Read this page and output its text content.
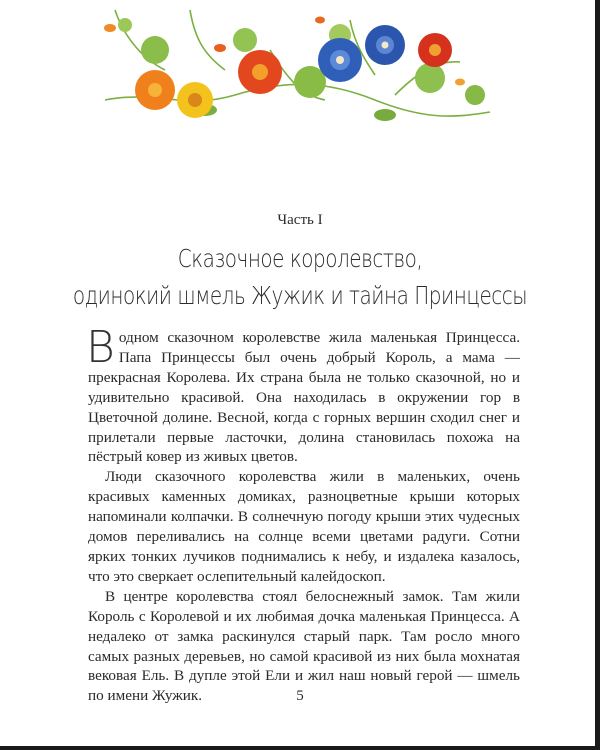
Часть I
Сказочное королевство,
одинокий шмель Жужик и тайна Принцессы

В одном сказочном королевстве жила маленькая Принцесса. Папа Принцессы был очень добрый Король, а мама — прекрасная Королева. Их страна была не только сказочной, но и удивительно красивой. Она находилась в окружении гор в Цветочной долине. Весной, когда с горных вершин сходил снег и прилетали первые ласточки, долина становилась похожа на пёстрый ковер из живых цветов.

Люди сказочного королевства жили в маленьких, очень красивых каменных домиках, разноцветные крыши которых напоминали колпачки. В солнечную погоду крыши этих чудесных домов переливались на солнце всеми цветами радуги. Сотни ярких тонких лучиков поднимались к небу, и издалека казалось, что это сверкает ослепительный калейдоскоп.

В центре королевства стоял белоснежный замок. Там жили Король с Королевой и их любимая дочка маленькая Принцесса. А недалеко от замка раскинулся старый парк. Там росло много самых разных деревьев, но самой красивой из них была мохнатая вековая Ель. В дупле этой Ели и жил наш новый герой — шмель по имени Жужик.	5
